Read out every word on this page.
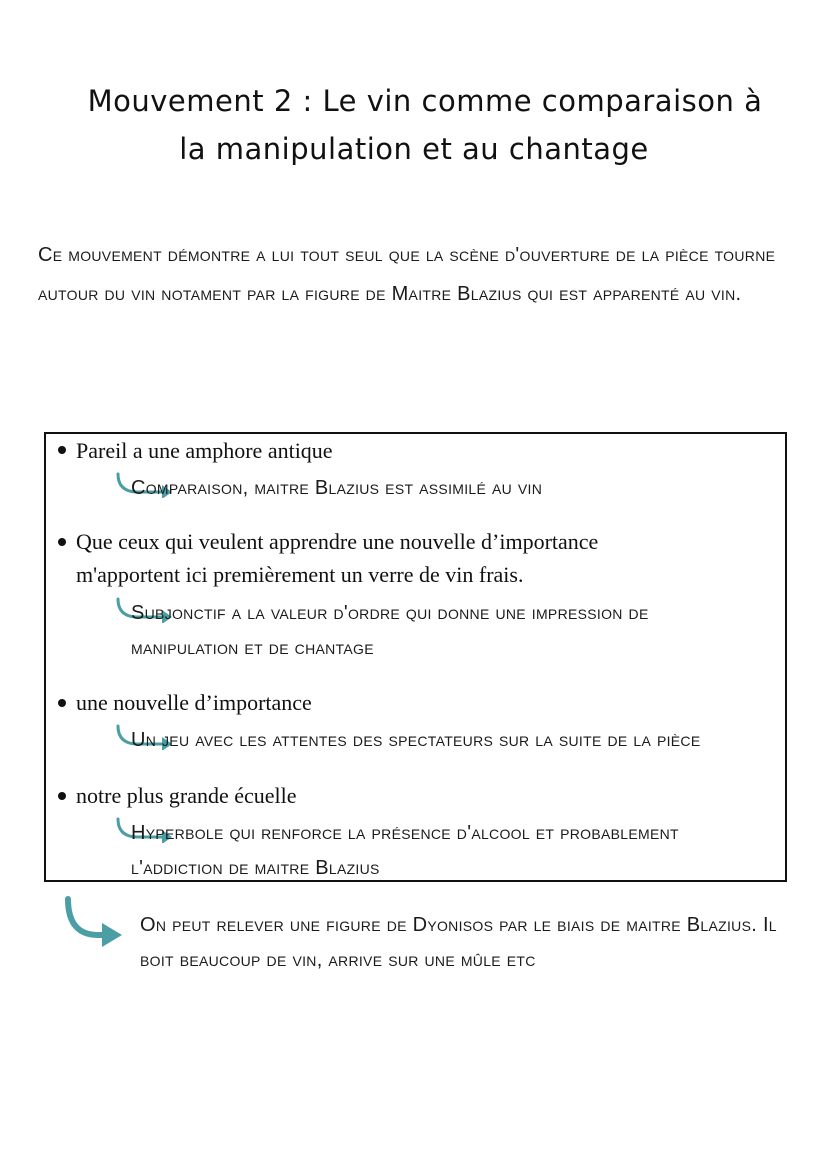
Mouvement 2 : Le vin comme comparaison à
la manipulation et au chantage

Ce mouvement démontre a lui tout seul que la scène d'ouverture de la pièce tourne autour du vin notament par la figure de Maitre Blazius qui est apparenté au vin.

Pareil a une amphore antique

Comparaison, maitre Blazius est assimilé au vin

Que ceux qui veulent apprendre une nouvelle d’importance
m'apportent ici premièrement un verre de vin frais.

Subjonctif a la valeur d'ordre qui donne une impression de
manipulation et de chantage

une nouvelle d’importance

Un jeu avec les attentes des spectateurs sur la suite de la pièce

notre plus grande écuelle

Hyperbole qui renforce la présence d'alcool et probablement
l'addiction de maitre Blazius

On peut relever une figure de Dyonisos par le biais de maitre Blazius. Il boit beaucoup de vin, arrive sur une mûle etc
